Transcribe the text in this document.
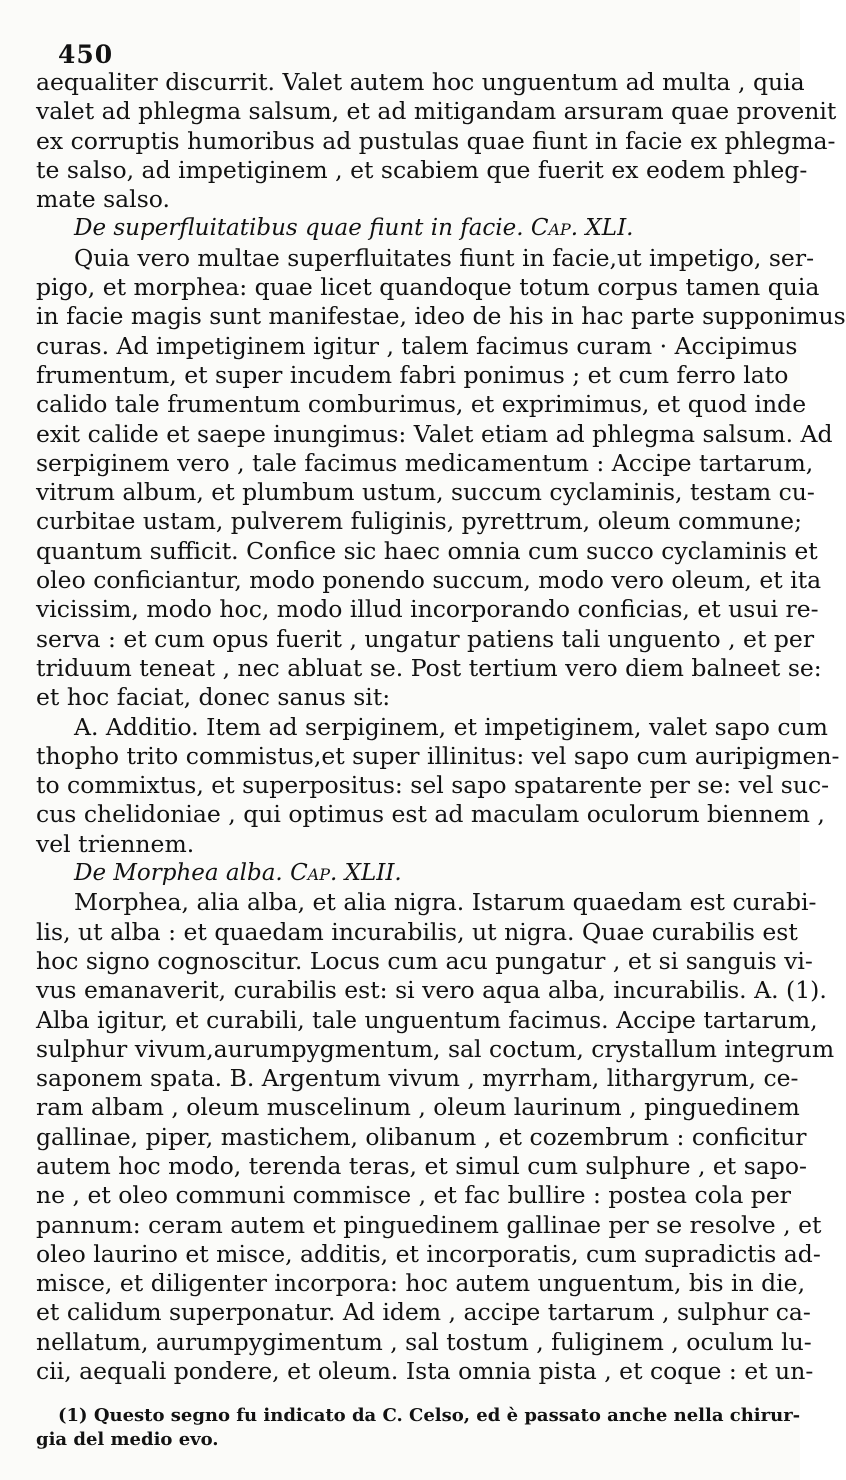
450
aequaliter discurrit. Valet autem hoc unguentum ad multa , quia
valet ad phlegma salsum, et ad mitigandam arsuram quae provenit
ex corruptis humoribus ad pustulas quae fiunt in facie ex phlegma-
te salso, ad impetiginem , et scabiem que fuerit ex eodem phleg-
mate salso.
De superfluitatibus quae fiunt in facie. Cap. XLI.
Quia vero multae superfluitates fiunt in facie,ut impetigo, ser-
pigo, et morphea: quae licet quandoque totum corpus tamen quia
in facie magis sunt manifestae, ideo de his in hac parte supponimus
curas. Ad impetiginem igitur , talem facimus curam · Accipimus
frumentum, et super incudem fabri ponimus ; et cum ferro lato
calido tale frumentum comburimus, et exprimimus, et quod inde
exit calide et saepe inungimus: Valet etiam ad phlegma salsum. Ad
serpiginem vero , tale facimus medicamentum : Accipe tartarum,
vitrum album, et plumbum ustum, succum cyclaminis, testam cu-
curbitae ustam, pulverem fuliginis, pyrettrum, oleum commune;
quantum sufficit. Confice sic haec omnia cum succo cyclaminis et
oleo conficiantur, modo ponendo succum, modo vero oleum, et ita
vicissim, modo hoc, modo illud incorporando conficias, et usui re-
serva : et cum opus fuerit , ungatur patiens tali unguento , et per
triduum teneat , nec abluat se. Post tertium vero diem balneet se:
et hoc faciat, donec sanus sit:
A. Additio. Item ad serpiginem, et impetiginem, valet sapo cum
thopho trito commistus,et super illinitus: vel sapo cum auripigmen-
to commixtus, et superpositus: sel sapo spatarente per se: vel suc-
cus chelidoniae , qui optimus est ad maculam oculorum biennem ,
vel triennem.
De Morphea alba. Cap. XLII.
Morphea, alia alba, et alia nigra. Istarum quaedam est curabi-
lis, ut alba : et quaedam incurabilis, ut nigra. Quae curabilis est
hoc signo cognoscitur. Locus cum acu pungatur , et si sanguis vi-
vus emanaverit, curabilis est: si vero aqua alba, incurabilis. A. (1).
Alba igitur, et curabili, tale unguentum facimus. Accipe tartarum,
sulphur vivum,aurumpygmentum, sal coctum, crystallum integrum
saponem spata. B. Argentum vivum , myrrham, lithargyrum, ce-
ram albam , oleum muscelinum , oleum laurinum , pinguedinem
gallinae, piper, mastichem, olibanum , et cozembrum : conficitur
autem hoc modo, terenda teras, et simul cum sulphure , et sapo-
ne , et oleo communi commisce , et fac bullire : postea cola per
pannum: ceram autem et pinguedinem gallinae per se resolve , et
oleo laurino et misce, additis, et incorporatis, cum supradictis ad-
misce, et diligenter incorpora: hoc autem unguentum, bis in die,
et calidum superponatur. Ad idem , accipe tartarum , sulphur ca-
nellatum, aurumpygimentum , sal tostum , fuliginem , oculum lu-
cii, aequali pondere, et oleum. Ista omnia pista , et coque : et un-
(1) Questo segno fu indicato da C. Celso, ed è passato anche nella chirur-
gia del medio evo.
